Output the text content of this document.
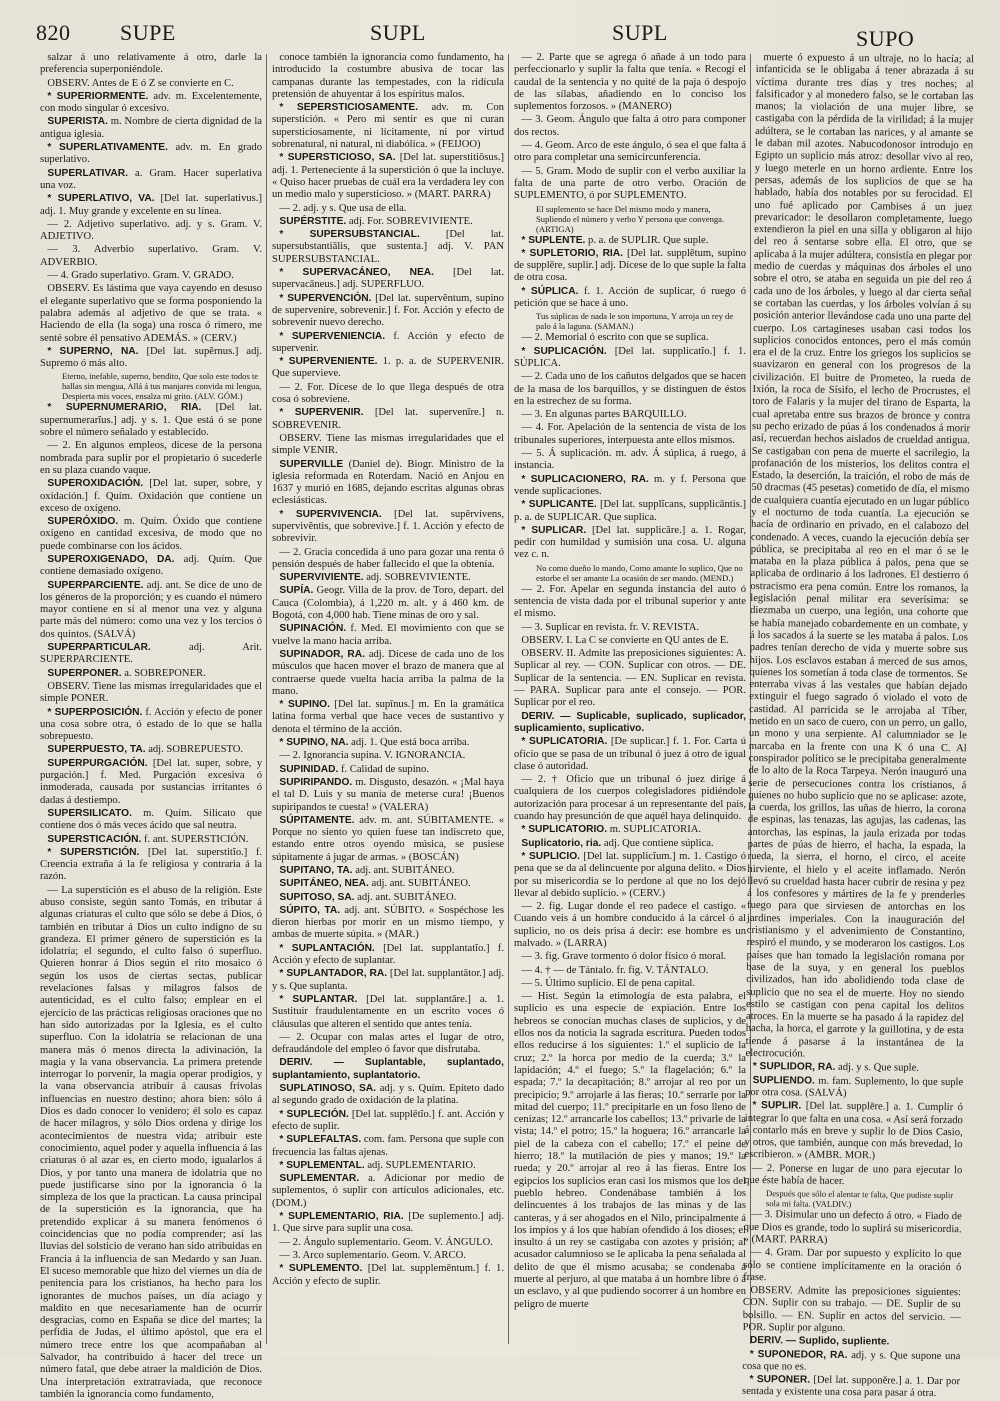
820 SUPE	SUPL	SUPL	SUPO
salzar á uno relativamente á otro, darle la preferencia superponiéndole.
OBSERV. Antes de E ó Z se convierte en C.
* SUPERIORMENTE. adv. m. Excelentemente, con modo singular ó excesivo.
SUPERISTA. m. Nombre de cierta dignidad de la antigua iglesia.
* SUPERLATIVAMENTE. adv. m. En grado superlativo.
SUPERLATIVAR. a. Gram. Hacer superlativa una voz.
* SUPERLATIVO, VA. [Del lat. superlativus.] adj. 1. Muy grande y excelente en su línea.
— 2. Adjetivo superlativo. adj. y s. Gram. V. ADJETIVO.
— 3. Adverbio superlativo. Gram. V. ADVERBIO.
— 4. Grado superlativo. Gram. V. GRADO.
OBSERV. Es lástima que vaya cayendo en desuso el elegante superlativo que se forma posponiendo la palabra además al adjetivo de que se trata. « Haciendo de ella (la soga) una rosca ó rimero, me senté sobre él pensativo ADEMÁS. » (CERV.)
* SUPERNO, NA. [Del lat. supĕrnus.] adj. Supremo ó más alto.
Eterno, inefable, superno, bendito, Que solo este todos te hallas sin mengua, Allá á tus manjares convida mi lengua, Despierta mis voces, ensalza mi grito. (ALV. GÓM.)
* SUPERNUMERARIO, RIA. [Del lat. supernumerarĭus.] adj. y s. 1. Que está ó se pone sobre el número señalado y establecido.
— 2. En algunos empleos, dícese de la persona nombrada para suplir por el propietario ó sucederle en su plaza cuando vaque.
SUPEROXIDACIÓN. [Del lat. super, sobre, y oxidación.] f. Quím. Oxidación que contiene un exceso de oxígeno.
SUPERÓXIDO. m. Quím. Óxido que contiene oxígeno en cantidad excesiva, de modo que no puede combinarse con los ácidos.
SUPEROXIGENADO, DA. adj. Quím. Que contiene demasiado oxígeno.
SUPERPARCIENTE. adj. ant. Se dice de uno de los géneros de la proporción; y es cuando el número mayor contiene en sí al menor una vez y alguna parte más del número: como una vez y los tercios ó dos quintos. (SALVÁ)
SUPERPARTICULAR.	adj. Arit. SUPERPARCIENTE.
SUPERPONER. a. SOBREPONER.
OBSERV. Tiene las mismas irregularidades que el simple PONER.
* SUPERPOSICIÓN. f. Acción y efecto de poner una cosa sobre otra, ó estado de lo que se halla sobrepuesto.
SUPERPUESTO, TA. adj. SOBREPUESTO.
SUPERPURGACIÓN. [Del lat. super, sobre, y purgación.] f. Med. Purgación excesiva ó inmoderada, causada por sustancias irritantes ó dadas á destiempo.
SUPERSILICATO. m. Quím. Silicato que contiene dos ó más veces ácido que sal neutra.
SUPERSTICACIÓN. f. ant. SUPERSTICIÓN.
* SUPERSTICIÓN. [Del lat. superstitĭo.] f. Creencia extraña á la fe religiosa y contraria á la razón.
— La superstición es el abuso de la religión. Este abuso consiste, según santo Tomás, en tributar á algunas criaturas el culto que sólo se debe á Dios, ó también en tributar á Dios un culto indigno de su grandeza. El primer género de superstición es la idolatría; el segundo, el culto falso ó superfluo. Quieren honrar á Dios según el rito mosaico ó según los usos de ciertas sectas, publicar revelaciones falsas y milagros falsos de autenticidad, es el culto falso; emplear en el ejercicio de las prácticas religiosas oraciones que no han sido autorizadas por la Iglesia, es el culto superfluo. Con la idolatría se relacionan de una manera más ó menos directa la adivinación, la magia y la vana observancia. La primera pretende interrogar lo porvenir, la magia operar prodigios, y la vana observancia atribuir á causas frívolas influencias en nuestro destino; ahora bien: sólo á Dios es dado conocer lo venidero; él solo es capaz de hacer milagros, y sólo Dios ordena y dirige los acontecimientos de nuestra vida; atribuir este conocimiento, aquel poder y aquella influencia á las criaturas ó al azar es, en cierto modo, igualarlos á Dios, y por tanto una manera de idolatría que no puede justificarse sino por la ignorancia ó la simpleza de los que la practican. La causa principal de la superstición es la ignorancia, que ha pretendido explicar á su manera fenómenos ó coincidencias que no podía comprender; así las lluvias del solsticio de verano han sido atribuidas en Francia á la influencia de san Medardo y san Juan. El suceso memorable que hizo del viernes un día de penitencia para los cristianos, ha hecho para los ignorantes de muchos países, un día aciago y maldito en que necesariamente han de ocurrir desgracias, como en España se dice del martes; la perfidia de Judas, el último apóstol, que era el número trece entre los que acompañaban al Salvador, ha contribuido á hacer del trece un número fatal, que debe atraer la maldición de Dios. Una interpretación extratraviada, que reconoce también la ignorancia como fundamento,
conoce también la ignorancia como fundamento, ha introducido la costumbre abusiva de tocar las campanas durante las tempestades, con la ridícula pretensión de ahuyentar á los espíritus malos.
* SEPERSTICIOSAMENTE. adv. m. Con superstición. « Pero mi sentir es que ni curan supersticiosamente, ni lícitamente, ni por virtud sobrenatural, ni natural, ni diabólica. » (FEIJOO)
* SUPERSTICIOSO, SA. [Del lat. superstitiōsus.] adj. 1. Perteneciente á la superstición ó que la incluye. « Quiso hacer pruebas de cuál era la verdadera ley con un medio malo y supersticioso. » (MART. PARRA)
— 2. adj. y s. Que usa de ella.
SUPÉRSTITE. adj. For. SOBREVIVIENTE.
* SUPERSUBSTANCIAL. [Del lat. supersubstantiālis, que sustenta.] adj. V. PAN SUPERSUBSTANCIAL.
* SUPERVACÁNEO, NEA. [Del lat. supervacāneus.] adj. SUPERFLUO.
* SUPERVENCIÓN. [Del lat. supervĕntum, supino de supervenire, sobrevenir.] f. For. Acción y efecto de sobrevenir nuevo derecho.
* SUPERVENIENCIA. f. Acción y efecto de supervenir.
* SUPERVENIENTE. 1. p. a. de SUPERVENIR. Que supervieve.
— 2. For. Dícese de lo que llega después de otra cosa ó sobreviene.
* SUPERVENIR. [Del lat. supervenīre.] n. SOBREVENIR.
OBSERV. Tiene las mismas irregularidades que el simple VENIR.
SUPERVILLE (Daniel de). Biogr. Ministro de la iglesia reformada en Roterdam. Nació en Anjou en 1637 y murió en 1685, dejando escritas algunas obras eclesiásticas.
* SUPERVIVENCIA. [Del lat. supĕrvivens, supervivĕntis, que sobrevive.] f. 1. Acción y efecto de sobrevivir.
— 2. Gracia concedida á uno para gozar una renta ó pensión después de haber fallecido el que la obtenía.
SUPERVIVIENTE. adj. SOBREVIVIENTE.
SUPÍA. Geogr. Villa de la prov. de Toro, depart. del Cauca (Colombia), á 1,220 m. alt. y á 460 km. de Bogotá, con 4,000 hab. Tiene minas de oro y sal.
SUPINACIÓN. f. Med. El movimiento con que se vuelve la mano hacia arriba.
SUPINADOR, RA. adj. Dícese de cada uno de los músculos que hacen mover el brazo de manera que al contraerse quede vuelta hacia arriba la palma de la mano.
* SUPINO. [Del lat. supīnus.] m. En la gramática latina forma verbal que hace veces de sustantivo y denota el término de la acción.
* SUPINO, NA. adj. 1. Que está boca arriba.
— 2. Ignorancia supina. V. IGNORANCIA.
SUPINIDAD. f. Calidad de supino.
SUPIRIPANDO. m. Disgusto, desazón. « ¡Mal haya el tal D. Luis y su manía de meterse cura! ¡Buenos supiripandos te cuesta! » (VALERA)
SÚPITAMENTE. adv. m. ant. SÚBITAMENTE. « Porque no siento yo quien fuese tan indiscreto que, estando entre otros oyendo música, se pusiese súpitamente á jugar de armas. » (BOSCÁN)
SUPITANO, TA. adj. ant. SUBITÁNEO.
SUPITÁNEO, NEA. adj. ant. SUBITÁNEO.
SUPITOSO, SA. adj. ant. SUBITÁNEO.
SÚPITO, TA. adj. ant. SÚBITO. « Sospéchose les dieron hierbas por morir en un mismo tiempo, y ambas de muerte súpita. » (MAR.)
* SUPLANTACIÓN. [Del lat. supplantatĭo.] f. Acción y efecto de suplantar.
* SUPLANTADOR, RA. [Del lat. supplantātor.] adj. y s. Que suplanta.
* SUPLANTAR. [Del lat. supplantāre.] a. 1. Sustituir fraudulentamente en un escrito voces ó cláusulas que alteren el sentido que antes tenía.
— 2. Ocupar con malas artes el lugar de otro, defraudándole del empleo ó favor que disfrutaba.
DERIV. — Suplantable, suplantado, suplantamiento, suplantatorio.
SUPLATINOSO, SA. adj. y s. Quím. Epíteto dado al segundo grado de oxidación de la platina.
* SUPLECIÓN. [Del lat. supplētĭo.] f. ant. Acción y efecto de suplir.
* SUPLEFALTAS. com. fam. Persona que suple con frecuencia las faltas ajenas.
* SUPLEMENTAL. adj. SUPLEMENTARIO.
SUPLEMENTAR. a. Adicionar por medio de suplementos, ó suplir con artículos adicionales, etc. (DOM.)
* SUPLEMENTARIO, RIA. [De suplemento.] adj. 1. Que sirve para suplir una cosa.
— 2. Ángulo suplementario. Geom. V. ÁNGULO.
— 3. Arco suplementario. Geom. V. ARCO.
* SUPLEMENTO. [Del lat. supplemēntum.] f. 1. Acción y efecto de suplir.
— 2. Parte que se agrega ó añade á un todo para perfeccionarlo y suplir la falta que tenía. « Recogí el caudal de la sentencia y no quité de la paja ó despojo de las sílabas, añadiendo en lo conciso los suplementos forzosos. » (MANERO)
— 3. Geom. Ángulo que falta á otro para componer dos rectos.
— 4. Geom. Arco de este ángulo, ó sea el que falta á otro para completar una semicircunferencia.
— 5. Gram. Modo de suplir con el verbo auxiliar la falta de una parte de otro verbo. Oración de SUPLEMENTO, ó por SUPLEMENTO.
El suplemento se hace Del mismo modo y manera, Supliendo el número y verbo Y persona que convenga. (ARTIGA)
* SUPLENTE. p. a. de SUPLIR. Que suple.
* SUPLETORIO, RIA. [Del lat. supplētum, supino de supplēre, suplir.] adj. Dícese de lo que suple la falta de otra cosa.
* SÚPLICA. f. 1. Acción de suplicar, ó ruego ó petición que se hace á uno.
Tus súplicas de nada le son importuna, Y arroja un rey de palo á la laguna. (SAMAN.)
— 2. Memorial ó escrito con que se suplica.
* SUPLICACIÓN. [Del lat. supplicatĭo.] f. 1. SÚPLICA.
— 2. Cada uno de los cañutos delgados que se hacen de la masa de los barquillos, y se distinguen de éstos en la estrechez de su forma.
— 3. En algunas partes BARQUILLO.
— 4. For. Apelación de la sentencia de vista de los tribunales superiores, interpuesta ante ellos mismos.
— 5. Á suplicación. m. adv. Á súplica, á ruego, á instancia.
* SUPLICACIONERO, RA. m. y f. Persona que vende suplicaciones.
* SUPLICANTE. [Del lat. supplĭcans, supplicāntis.] p. a. de SUPLICAR. Que suplica.
* SUPLICAR. [Del lat. supplicāre.] a. 1. Rogar, pedir con humildad y sumisión una cosa. U. alguna vez c. n.
No como dueño lo mando, Como amante lo suplico, Que no estorbe el ser amante La ocasión de ser mando. (MEND.)
— 2. For. Apelar en segunda instancia del auto ó sentencia de vista dada por el tribunal superior y ante el mismo.
— 3. Suplicar en revista. fr. V. REVISTA.
OBSERV. I. La C se convierte en QU antes de E.
OBSERV. II. Admite las preposiciones siguientes: A. Suplicar al rey. — CON. Suplicar con otros. — DE. Suplicar de la sentencia. — EN. Suplicar en revista. — PARA. Suplicar para ante el consejo. — POR. Suplicar por el reo.
DERIV. — Suplicable, suplicado, suplicador, suplicamiento, suplicativo.
* SUPLICATORIA. [De suplicar.] f. 1. For. Carta ú oficio que se pasa de un tribunal ó juez á otro de igual clase ó autoridad.
— 2. † Oficio que un tribunal ó juez dirige á cualquiera de los cuerpos colegisladores pidiéndole autorización para procesar á un representante del país, cuando hay presunción de que aquél haya delinquido.
* SUPLICATORIO. m. SUPLICATORIA.
Suplicatorio, ria. adj. Que contiene súplica.
* SUPLICIO. [Del lat. supplicĭum.] m. 1. Castigo ó pena que se da al delincuente por alguna delito. « Dios por su misericordia se lo perdone al que no los dejó llevar al debido suplicio. » (CERV.)
— 2. fig. Lugar donde el reo padece el castigo. « Cuando veis á un hombre conducido á la cárcel ó al suplicio, no os deis prisa á decir: ese hombre es un malvado. » (LARRA)
— 3. fig. Grave tormento ó dolor físico ó moral.
— 4. † — de Tántalo. fr. fig. V. TÁNTALO.
— 5. Último suplicio. El de pena capital.
— Hist. Según la etimología de esta palabra, el suplicio es una especie de expiación. Entre los hebreos se conocían muchas clases de suplicios, y de ellos nos da noticia la sagrada escritura. Pueden todos ellos reducirse á los siguientes: 1.º el suplicio de la cruz; 2.º la horca por medio de la cuerda; 3.º la lapidación; 4.º el fuego; 5.º la flagelación; 6.º la espada; 7.º la decapitación; 8.º arrojar al reo por un precipicio; 9.º arrojarle á las fieras; 10.º serrarle por la mitad del cuerpo; 11.º precipitarle en un foso lleno de cenizas; 12.º arrancarle los cabellos; 13.º privarle de la vista; 14.º el potro; 15.º la hoguera; 16.º arrancarle la piel de la cabeza con el cabello; 17.º el peine de hierro; 18.º la mutilación de pies y manos; 19.º la rueda; y 20.º arrojar al reo á las fieras. Entre los egipcios los suplicios eran casi los mismos que los del pueblo hebreo. Condenábase también á los delincuentes á los trabajos de las minas y de las canteras, y á ser ahogados en el Nilo, principalmente á los impíos y á los que habían ofendido á los dioses; el insulto á un rey se castigaba con azotes y prisión; al acusador calumnioso se le aplicaba la pena señalada al delito de que él mismo acusaba; se condenaba á muerte al perjuro, al que mataba á un hombre libre ó á un esclavo, y al que pudiendo socorrer á un hombre en peligro de muerte
muerte ó expuesto á un ultraje, no lo hacía; al infanticida se le obligaba á tener abrazada á su víctima durante tres días y tres noches; al falsificador y al monedero falso, se le cortaban las manos; la violación de una mujer libre, se castigaba con la pérdida de la virilidad; á la mujer adúltera, se le cortaban las narices, y al amante se le daban mil azotes. Nabucodonosor introdujo en Egipto un suplicio más atroz: desollar vivo al reo, y luego meterle en un horno ardiente. Entre los persas, además de los suplicios de que se ha hablado, había dos notables por su ferocidad. El uno fué aplicado por Cambises á un juez prevaricador: le desollaron completamente, luego extendieron la piel en una silla y obligaron al hijo del reo á sentarse sobre ella. El otro, que se aplicaba á la mujer adúltera, consistía en plegar por medio de cuerdas y máquinas dos árboles el uno sobre el otro, se ataba en seguida un pie del reo á cada uno de los árboles, y luego al dar cierta señal se cortaban las cuerdas, y los árboles volvían á su posición anterior llevándose cada uno una parte del cuerpo. Los cartagineses usaban casi todos los suplicios conocidos entonces, pero el más común era el de la cruz. Entre los griegos los suplicios se suavizaron en general con los progresos de la civilización. El buitre de Prometeo, la rueda de Ixión, la roca de Sísifo, el lecho de Procrustes, el toro de Falaris y la mujer del tirano de Esparta, la cual apretaba entre sus brazos de bronce y contra su pecho erizado de púas á los condenados á morir así, recuerdan hechos aislados de crueldad antigua. Se castigaban con pena de muerte el sacrilegio, la profanación de los misterios, los delitos contra el Estado, la deserción, la traición, el robo de más de 50 dracmas (45 pesetas) cometido de día, el mismo de cualquiera cuantía ejecutado en un lugar público y el nocturno de toda cuantía. La ejecución se hacía de ordinario en privado, en el calabozo del condenado. A veces, cuando la ejecución debía ser pública, se precipitaba al reo en el mar ó se le mataba en la plaza pública á palos, pena que se aplicaba de ordinario á los ladrones. El destierro ó ostracismo era pena común. Entre los romanos, la legislación penal militar era severísima: se diezmaba un cuerpo, una legión, una cohorte que se había manejado cobardemente en un combate, y á los sacados á la suerte se les mataba á palos. Los padres tenían derecho de vida y muerte sobre sus hijos. Los esclavos estaban á merced de sus amos, quienes los sometían á toda clase de tormentos. Se enterraba vivas á las vestales que habían dejado extinguir el fuego sagrado ó violado el voto de castidad. Al parricida se le arrojaba al Tíber, metido en un saco de cuero, con un perro, un gallo, un mono y una serpiente. Al calumniador se le marcaba en la frente con una K ó una C. Al conspirador político se le precipitaba generalmente de lo alto de la Roca Tarpeya. Nerón inauguró una serie de persecuciones contra los cristianos, á quienes no hubo suplicio que no se aplicase: azote, la cuerda, los grillos, las uñas de hierro, la corona de espinas, las tenazas, las agujas, las cadenas, las antorchas, las espinas, la jaula erizada por todas partes de púas de hierro, el hacha, la espada, la rueda, la sierra, el horno, el circo, el aceite hirviente, el hielo y el aceite inflamado. Nerón llevó su crueldad hasta hacer cubrir de resina y pez á los confesores y mártires de la fe y prenderles fuego para que sirviesen de antorchas en los jardines imperiales. Con la inauguración del cristianismo y el advenimiento de Constantino, respiró el mundo, y se moderaron los castigos. Los países que han tomado la legislación romana por base de la suya, y en general los pueblos civilizados, han ido abolidiendo toda clase de suplicio que no sea el de muerte. Hoy no siendo estilo se castigan con pena capital los delitos atroces. En la muerte se ha pasado á la rapidez del hacha, la horca, el garrote y la guillotina, y de esta tiende á pasarse á la instantánea de la electrocución.
* SUPLIDOR, RA. adj. y s. Que suple.
SUPLIENDO. m. fam. Suplemento, lo que suple por otra cosa. (SALVÁ)
* SUPLIR. [Del lat. supplēre.] a. 1. Cumplir ó integrar lo que falta en una cosa. « Así será forzado á contarlo más en breve y suplir lo de Dios Casio, y otros, que también, aunque con más brevedad, lo escribieron. » (AMBR. MOR.)
— 2. Ponerse en lugar de uno para ejecutar lo que éste había de hacer.
Después que sólo el alentar te falta, Que pudiste suplir sola mi falta. (VALDIV.)
— 3. Disimular uno un defecto á otro. « Fiado de que Dios es grande, todo lo suplirá su misericordia. » (MART. PARRA)
— 4. Gram. Dar por supuesto y explícito lo que sólo se contiene implícitamente en la oración ó frase.
OBSERV. Admite las preposiciones siguientes: CON. Suplir con su trabajo. — DE. Suplir de su bolsillo. — EN. Suplir en actos del servicio. — POR. Suplir por alguno.
DERIV. — Suplido, supliente.
* SUPONEDOR, RA. adj. y s. Que supone una cosa que no es.
* SUPONER. [Del lat. supponĕre.] a. 1. Dar por sentada y existente una cosa para pasar á otra.
